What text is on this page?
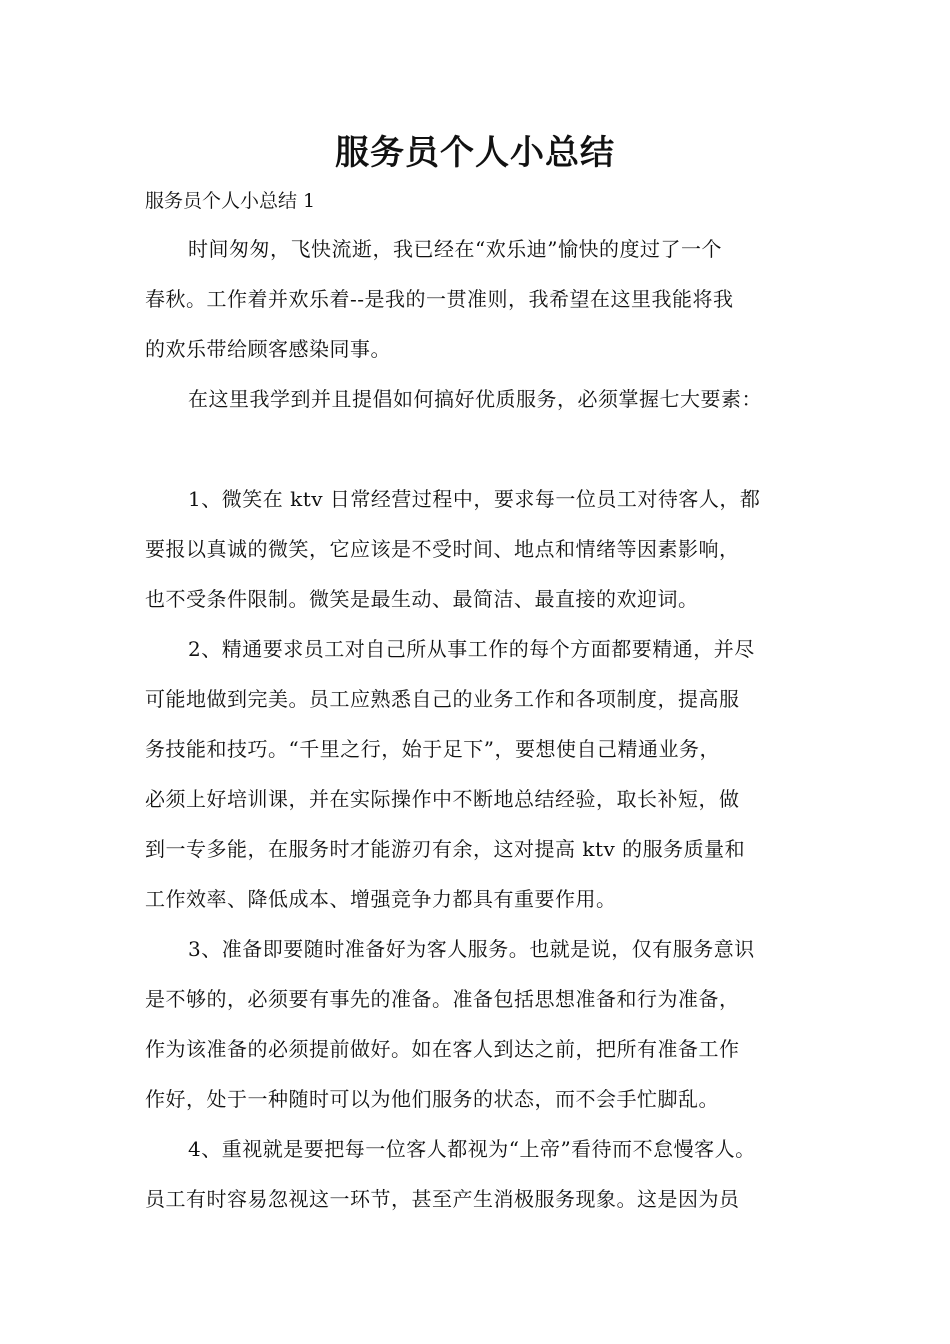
服务员个人小总结
服务员个人小总结 1
时间匆匆，飞快流逝，我已经在“欢乐迪”愉快的度过了一个
春秋。工作着并欢乐着--是我的一贯准则，我希望在这里我能将我
的欢乐带给顾客感染同事。
在这里我学到并且提倡如何搞好优质服务，必须掌握七大要素：
1、微笑在 ktv 日常经营过程中，要求每一位员工对待客人，都
要报以真诚的微笑，它应该是不受时间、地点和情绪等因素影响，
也不受条件限制。微笑是最生动、最简洁、最直接的欢迎词。
2、精通要求员工对自己所从事工作的每个方面都要精通，并尽
可能地做到完美。员工应熟悉自己的业务工作和各项制度，提高服
务技能和技巧。“千里之行，始于足下”，要想使自己精通业务，
必须上好培训课，并在实际操作中不断地总结经验，取长补短，做
到一专多能，在服务时才能游刃有余，这对提高 ktv 的服务质量和
工作效率、降低成本、增强竞争力都具有重要作用。
3、准备即要随时准备好为客人服务。也就是说，仅有服务意识
是不够的，必须要有事先的准备。准备包括思想准备和行为准备，
作为该准备的必须提前做好。如在客人到达之前，把所有准备工作
作好，处于一种随时可以为他们服务的状态，而不会手忙脚乱。
4、重视就是要把每一位客人都视为“上帝”看待而不怠慢客人。
员工有时容易忽视这一环节，甚至产生消极服务现象。这是因为员
